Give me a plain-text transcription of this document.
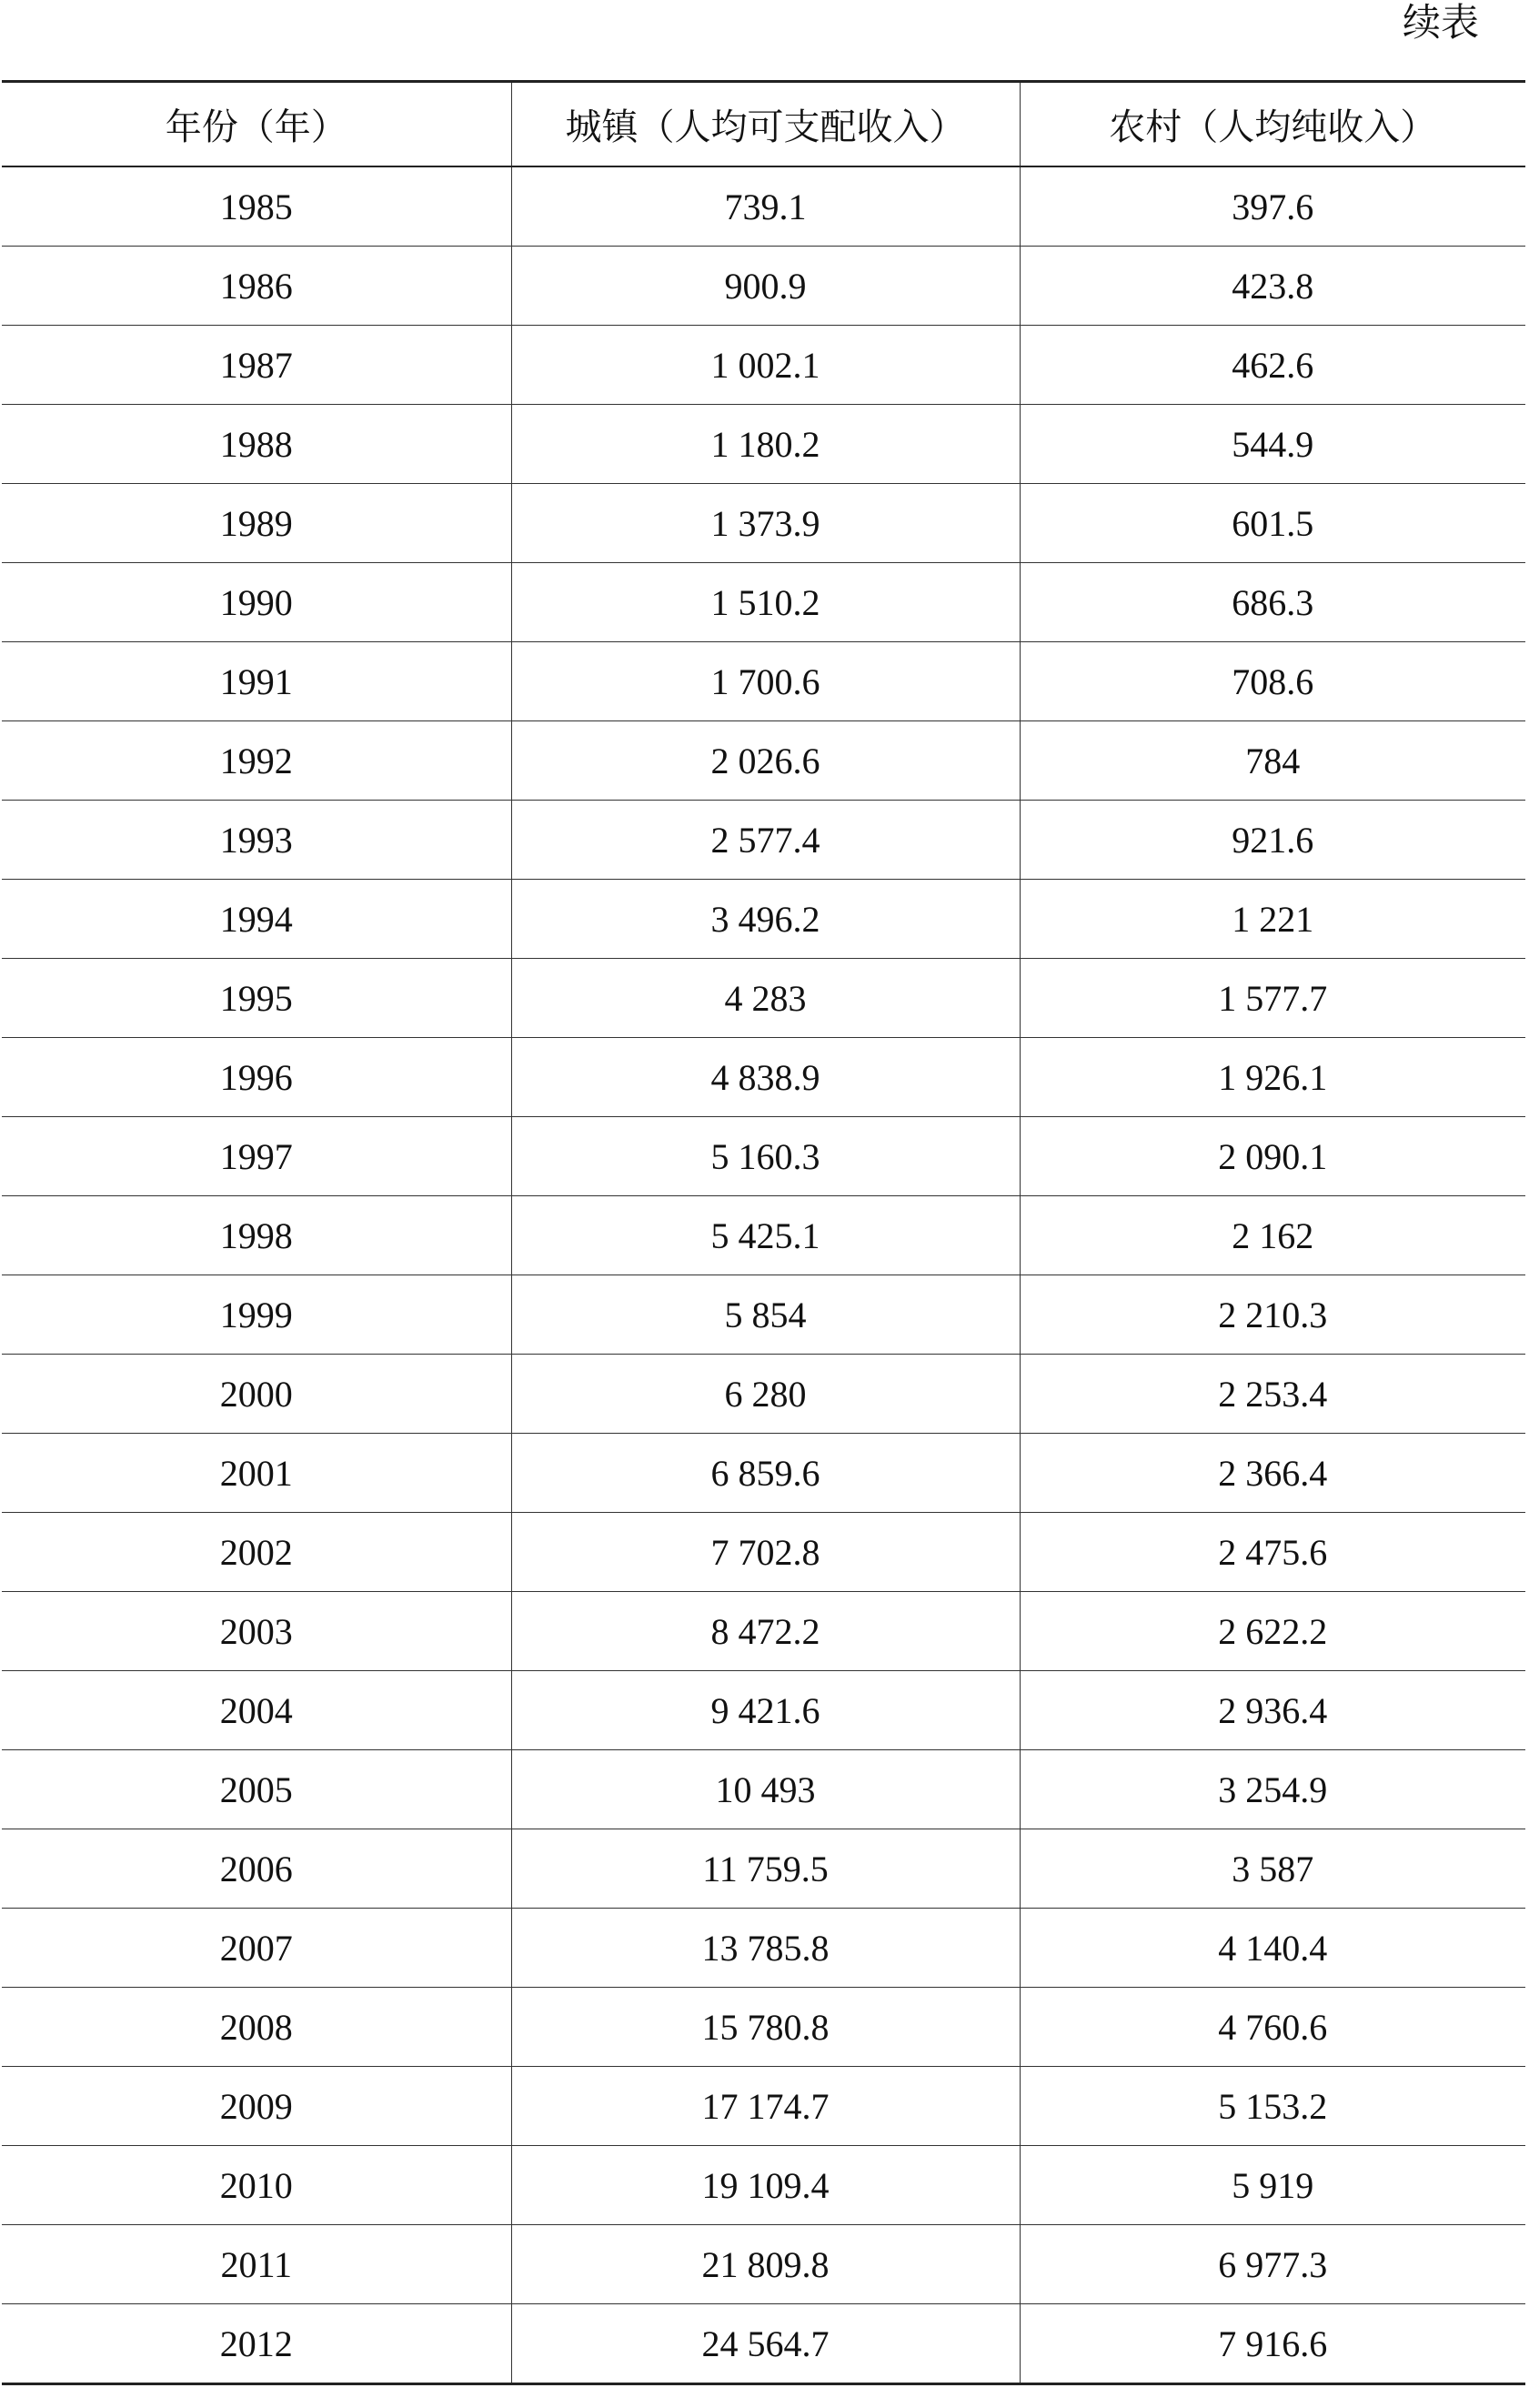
续表
年份（年）	城镇（人均可支配收入）	农村（人均纯收入）
1985	739.1	397.6
1986	900.9	423.8
1987	1 002.1	462.6
1988	1 180.2	544.9
1989	1 373.9	601.5
1990	1 510.2	686.3
1991	1 700.6	708.6
1992	2 026.6	784
1993	2 577.4	921.6
1994	3 496.2	1 221
1995	4 283	1 577.7
1996	4 838.9	1 926.1
1997	5 160.3	2 090.1
1998	5 425.1	2 162
1999	5 854	2 210.3
2000	6 280	2 253.4
2001	6 859.6	2 366.4
2002	7 702.8	2 475.6
2003	8 472.2	2 622.2
2004	9 421.6	2 936.4
2005	10 493	3 254.9
2006	11 759.5	3 587
2007	13 785.8	4 140.4
2008	15 780.8	4 760.6
2009	17 174.7	5 153.2
2010	19 109.4	5 919
2011	21 809.8	6 977.3
2012	24 564.7	7 916.6
